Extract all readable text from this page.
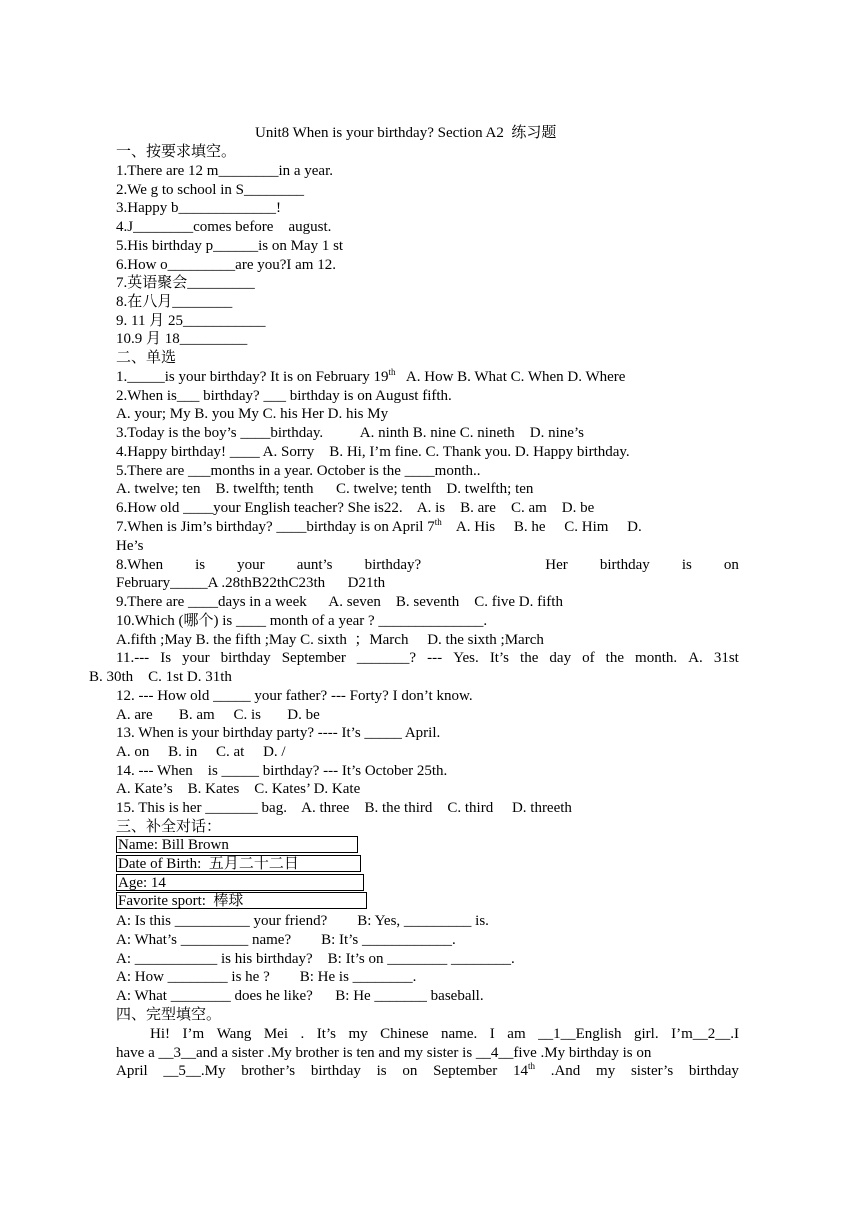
Unit8 When is your birthday? Section A2  练习题
一、按要求填空。
1.There are 12 m________in a year.
2.We g to school in S________
3.Happy b_____________!
4.J________comes before    august.
5.His birthday p______is on May 1 st
6.How o_________are you?I am 12.
7.英语聚会_________
8.在八月________
9. 11 月 25___________
10.9 月 18_________
二、单选
1._____is your birthday? It is on February 19th   A. How B. What C. When D. Where
2.When is___ birthday? ___ birthday is on August fifth.
A. your; My B. you My C. his Her D. his My
3.Today is the boy’s ____birthday.          A. ninth B. nine C. nineth    D. nine’s
4.Happy birthday! ____ A. Sorry    B. Hi, I’m fine. C. Thank you. D. Happy birthday.
5.There are ___months in a year. October is the ____month..
A. twelve; ten    B. twelfth; tenth      C. twelve; tenth    D. twelfth; ten
6.How old ____your English teacher? She is22.    A. is    B. are    C. am    D. be
7.When is Jim’s birthday? ____birthday is on April 7th    A. His     B. he     C. Him     D.
He’s
8.When is your aunt’s birthday?	Her birthday is on
February_____A .28thB22thC23th      D21th
9.There are ____days in a week      A. seven    B. seventh    C. five D. fifth
10.Which (哪个) is ____ month of a year ? ______________.
A.fifth ;May B. the fifth ;May C. sixth  ；March     D. the sixth ;March
11.--- Is your birthday September _______? --- Yes. It’s the day of the month. A. 31st
B. 30th    C. 1st D. 31th
12. --- How old _____ your father? --- Forty? I don’t know.
A. are       B. am     C. is       D. be
13. When is your birthday party? ---- It’s _____ April.
A. on     B. in     C. at     D. /
14. --- When    is _____ birthday? --- It’s October 25th.
A. Kate’s    B. Kates    C. Kates’ D. Kate
15. This is her _______ bag.    A. three    B. the third    C. third     D. threeth
三、补全对话：
Name: Bill Brown
Date of Birth:  五月二十二日
Age: 14
Favorite sport:  棒球
A: Is this __________ your friend?        B: Yes, _________ is.
A: What’s _________ name?        B: It’s ____________.
A: ___________ is his birthday?    B: It’s on ________ ________.
A: How ________ is he ?        B: He is ________.
A: What ________ does he like?      B: He _______ baseball.
四、完型填空。
Hi! I’m Wang Mei . It’s my Chinese name. I am __1__English girl. I’m__2__.I
have a __3__and a sister .My brother is ten and my sister is __4__five .My birthday is on
April __5__.My brother’s birthday is on September 14th .And my sister’s birthday
